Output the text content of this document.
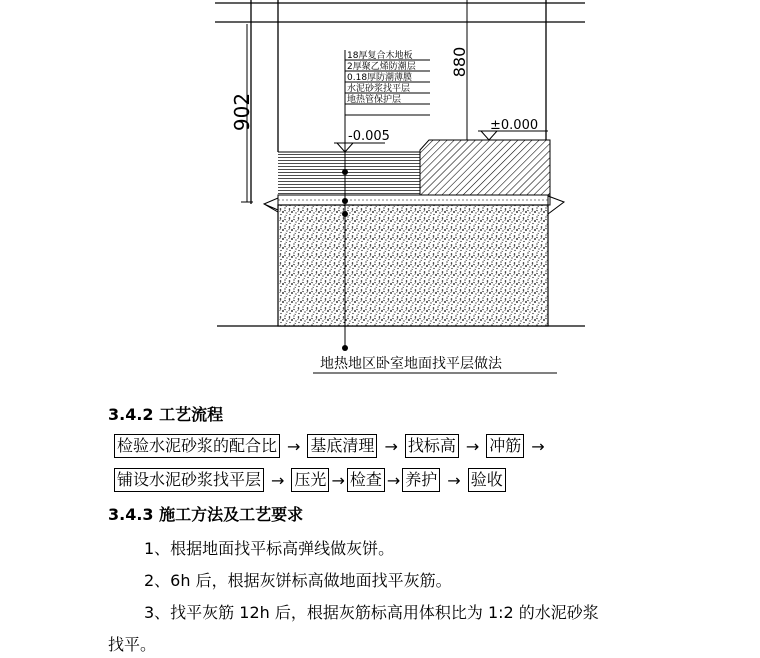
902
880
18厚复合木地板
2厚聚乙烯防潮层
0.18厚防潮薄膜
水泥砂浆找平层
地热管保护层
-0.005
±0.000
地热地区卧室地面找平层做法
3.4.2 工艺流程
检验水泥砂浆的配合比 → 基底清理 → 找标高 → 冲筋 →
铺设水泥砂浆找平层 → 压光 → 检查 → 养护 → 验收
3.4.3 施工方法及工艺要求
1、根据地面找平标高弹线做灰饼。
2、6h 后，根据灰饼标高做地面找平灰筋。
3、找平灰筋 12h 后，根据灰筋标高用体积比为 1:2 的水泥砂浆
找平。
